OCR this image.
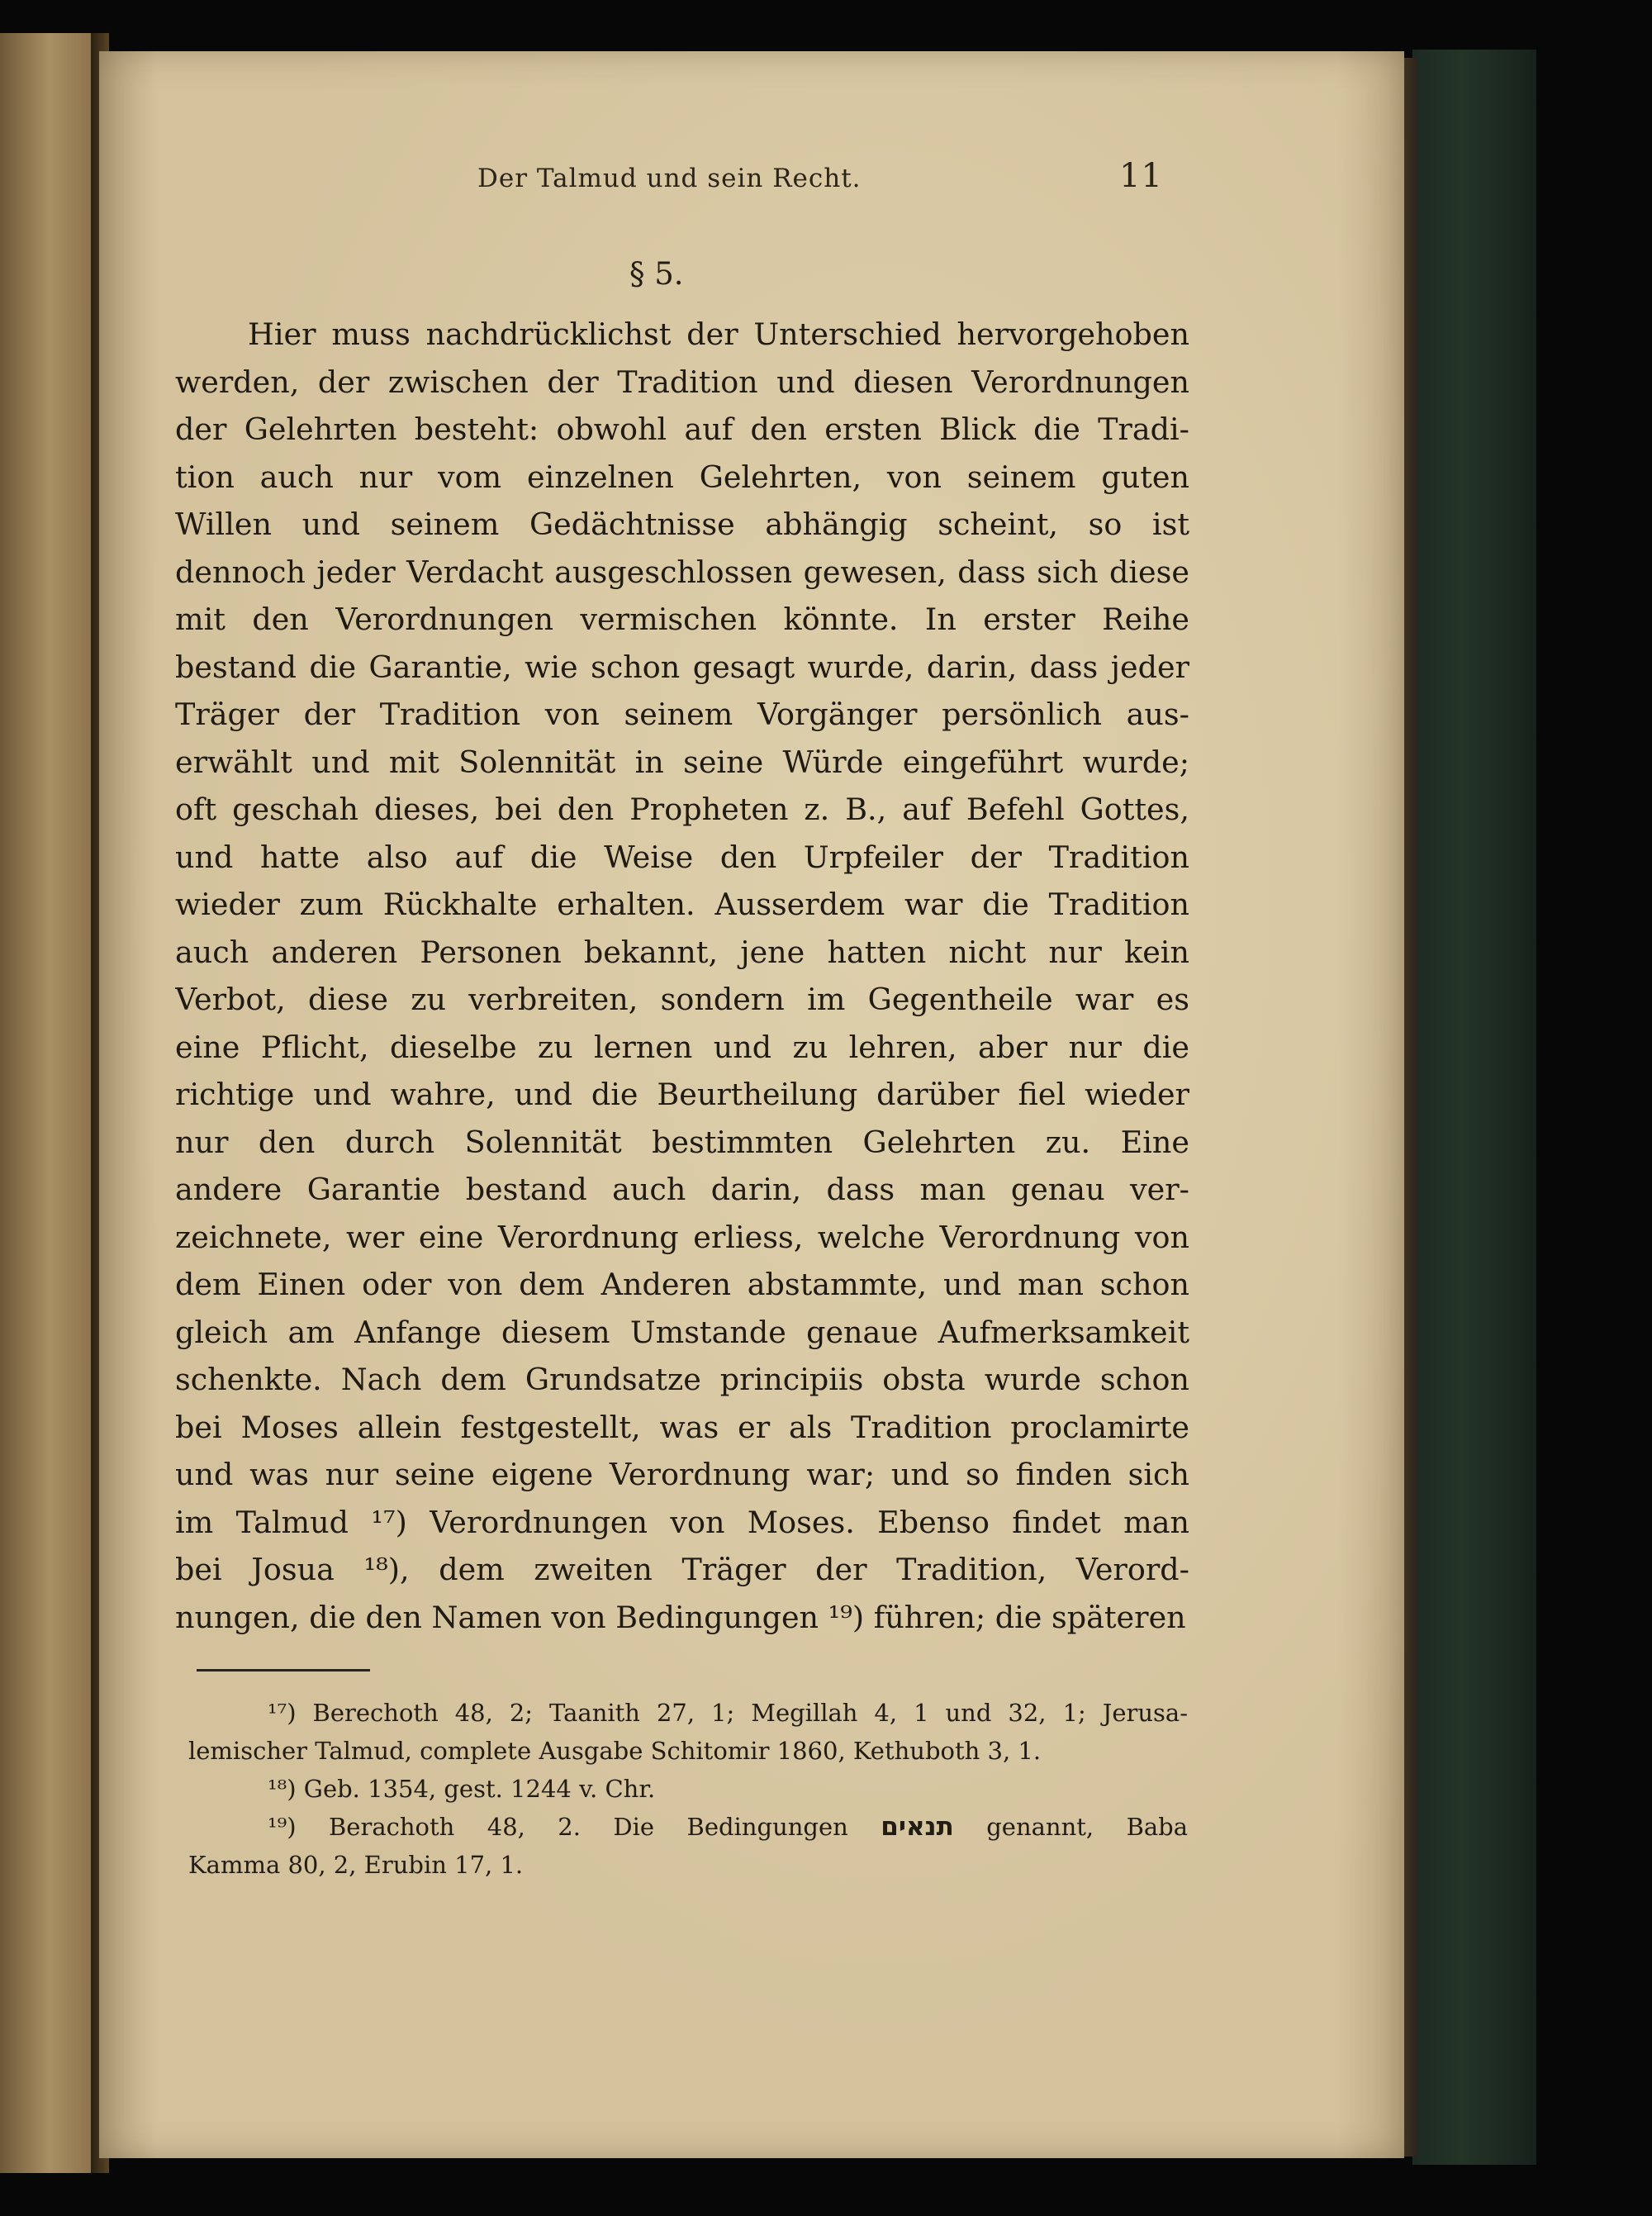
Der Talmud und sein Recht.	11
§ 5.
Hier muss nachdrücklichst der Unterschied hervorgehoben
werden, der zwischen der Tradition und diesen Verordnungen
der Gelehrten besteht: obwohl auf den ersten Blick die Tradi-
tion auch nur vom einzelnen Gelehrten, von seinem guten
Willen und seinem Gedächtnisse abhängig scheint, so ist
dennoch jeder Verdacht ausgeschlossen gewesen, dass sich diese
mit den Verordnungen vermischen könnte. In erster Reihe
bestand die Garantie, wie schon gesagt wurde, darin, dass jeder
Träger der Tradition von seinem Vorgänger persönlich aus-
erwählt und mit Solennität in seine Würde eingeführt wurde;
oft geschah dieses, bei den Propheten z. B., auf Befehl Gottes,
und hatte also auf die Weise den Urpfeiler der Tradition
wieder zum Rückhalte erhalten. Ausserdem war die Tradition
auch anderen Personen bekannt, jene hatten nicht nur kein
Verbot, diese zu verbreiten, sondern im Gegentheile war es
eine Pflicht, dieselbe zu lernen und zu lehren, aber nur die
richtige und wahre, und die Beurtheilung darüber fiel wieder
nur den durch Solennität bestimmten Gelehrten zu. Eine
andere Garantie bestand auch darin, dass man genau ver-
zeichnete, wer eine Verordnung erliess, welche Verordnung von
dem Einen oder von dem Anderen abstammte, und man schon
gleich am Anfange diesem Umstande genaue Aufmerksamkeit
schenkte. Nach dem Grundsatze principiis obsta wurde schon
bei Moses allein festgestellt, was er als Tradition proclamirte
und was nur seine eigene Verordnung war; und so finden sich
im Talmud ¹⁷) Verordnungen von Moses. Ebenso findet man
bei Josua ¹⁸), dem zweiten Träger der Tradition, Verord-
nungen, die den Namen von Bedingungen ¹⁹) führen; die späteren
¹⁷) Berechoth 48, 2; Taanith 27, 1; Megillah 4, 1 und 32, 1; Jerusa-
lemischer Talmud, complete Ausgabe Schitomir 1860, Kethuboth 3, 1.
¹⁸) Geb. 1354, gest. 1244 v. Chr.
¹⁹) Berachoth 48, 2. Die Bedingungen תנאים genannt, Baba
Kamma 80, 2, Erubin 17, 1.
